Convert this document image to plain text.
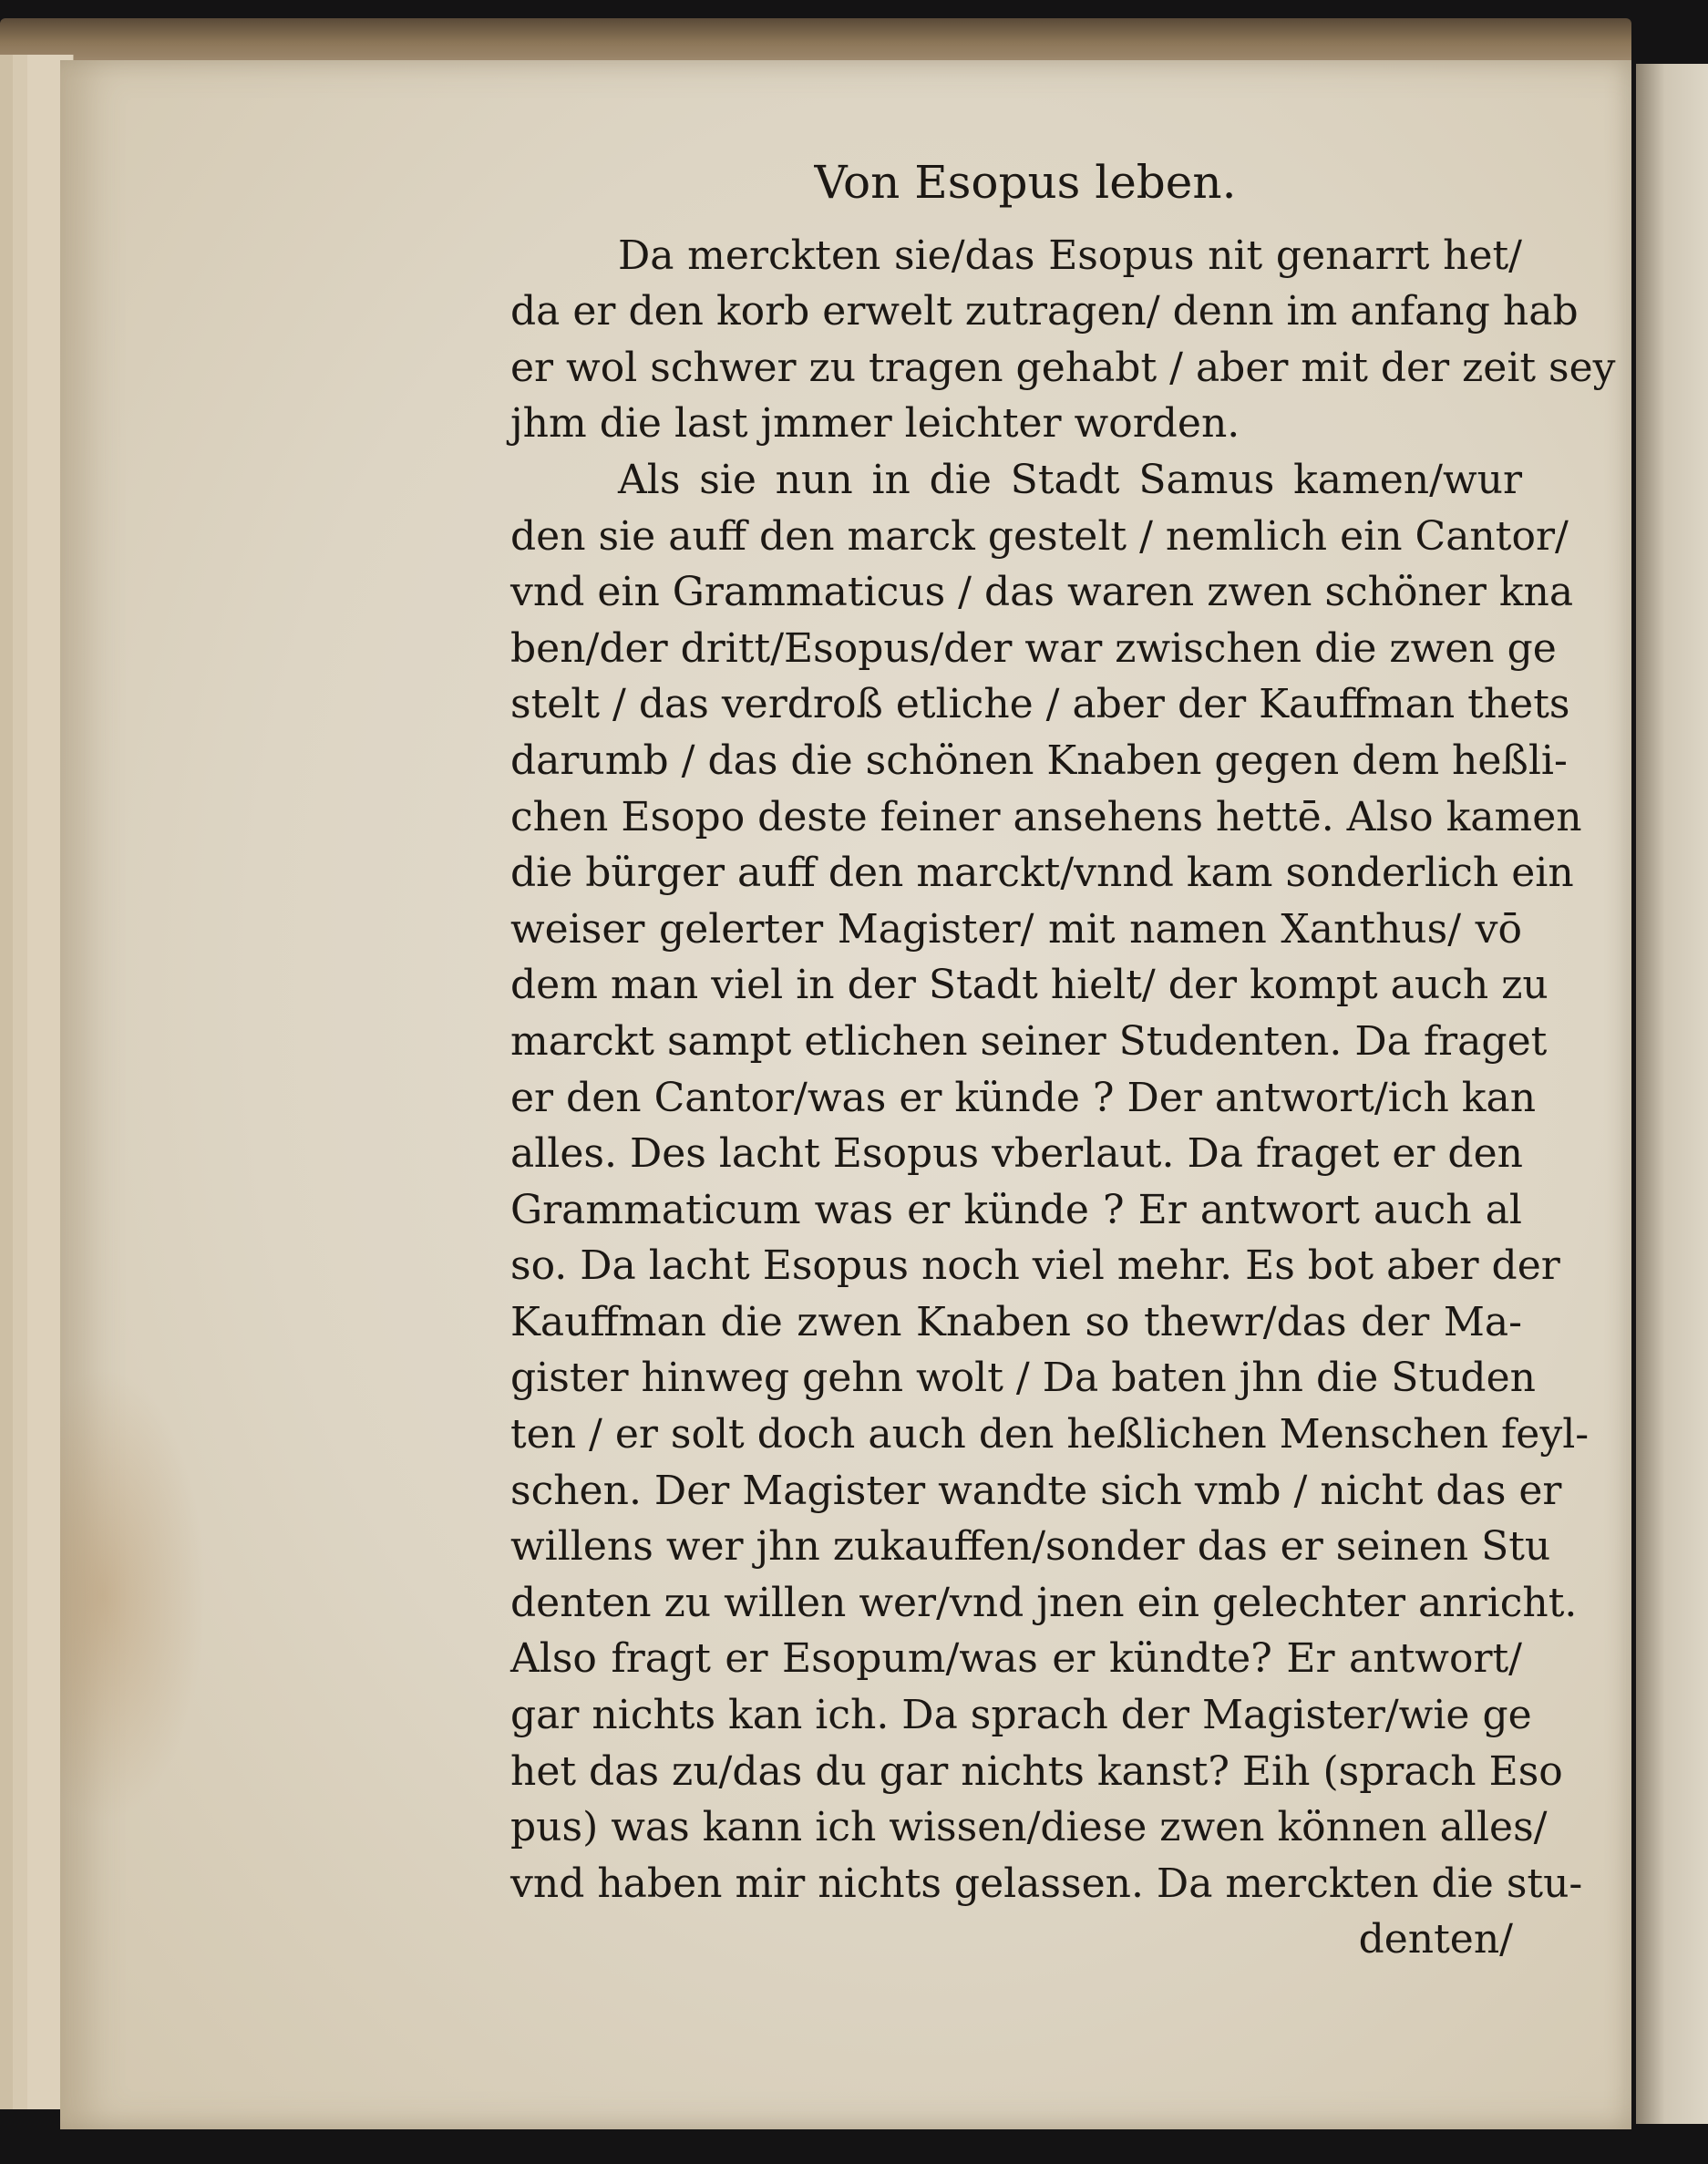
Von Esopus leben.
Da merckten sie/das Esopus nit genarrt het/
da er den korb erwelt zutragen/ denn im anfang hab
er wol schwer zu tragen gehabt / aber mit der zeit sey
jhm die last jmmer leichter worden.
Als sie nun in die Stadt Samus kamen/wur
den sie auff den marck gestelt / nemlich ein Cantor/
vnd ein Grammaticus / das waren zwen schöner kna
ben/der dritt/Esopus/der war zwischen die zwen ge
stelt / das verdroß etliche / aber der Kauffman thets
darumb / das die schönen Knaben gegen dem heßli-
chen Esopo deste feiner ansehens hettē. Also kamen
die bürger auff den marckt/vnnd kam sonderlich ein
weiser gelerter Magister/ mit namen Xanthus/ vō
dem man viel in der Stadt hielt/ der kompt auch zu
marckt sampt etlichen seiner Studenten. Da fraget
er den Cantor/was er künde ? Der antwort/ich kan
alles. Des lacht Esopus vberlaut. Da fraget er den
Grammaticum was er künde ? Er antwort auch al
so. Da lacht Esopus noch viel mehr. Es bot aber der
Kauffman die zwen Knaben so thewr/das der Ma-
gister hinweg gehn wolt / Da baten jhn die Studen
ten / er solt doch auch den heßlichen Menschen feyl-
schen. Der Magister wandte sich vmb / nicht das er
willens wer jhn zukauffen/sonder das er seinen Stu
denten zu willen wer/vnd jnen ein gelechter anricht.
Also fragt er Esopum/was er kündte? Er antwort/
gar nichts kan ich. Da sprach der Magister/wie ge
het das zu/das du gar nichts kanst? Eih (sprach Eso
pus) was kann ich wissen/diese zwen können alles/
vnd haben mir nichts gelassen. Da merckten die stu-
denten/
